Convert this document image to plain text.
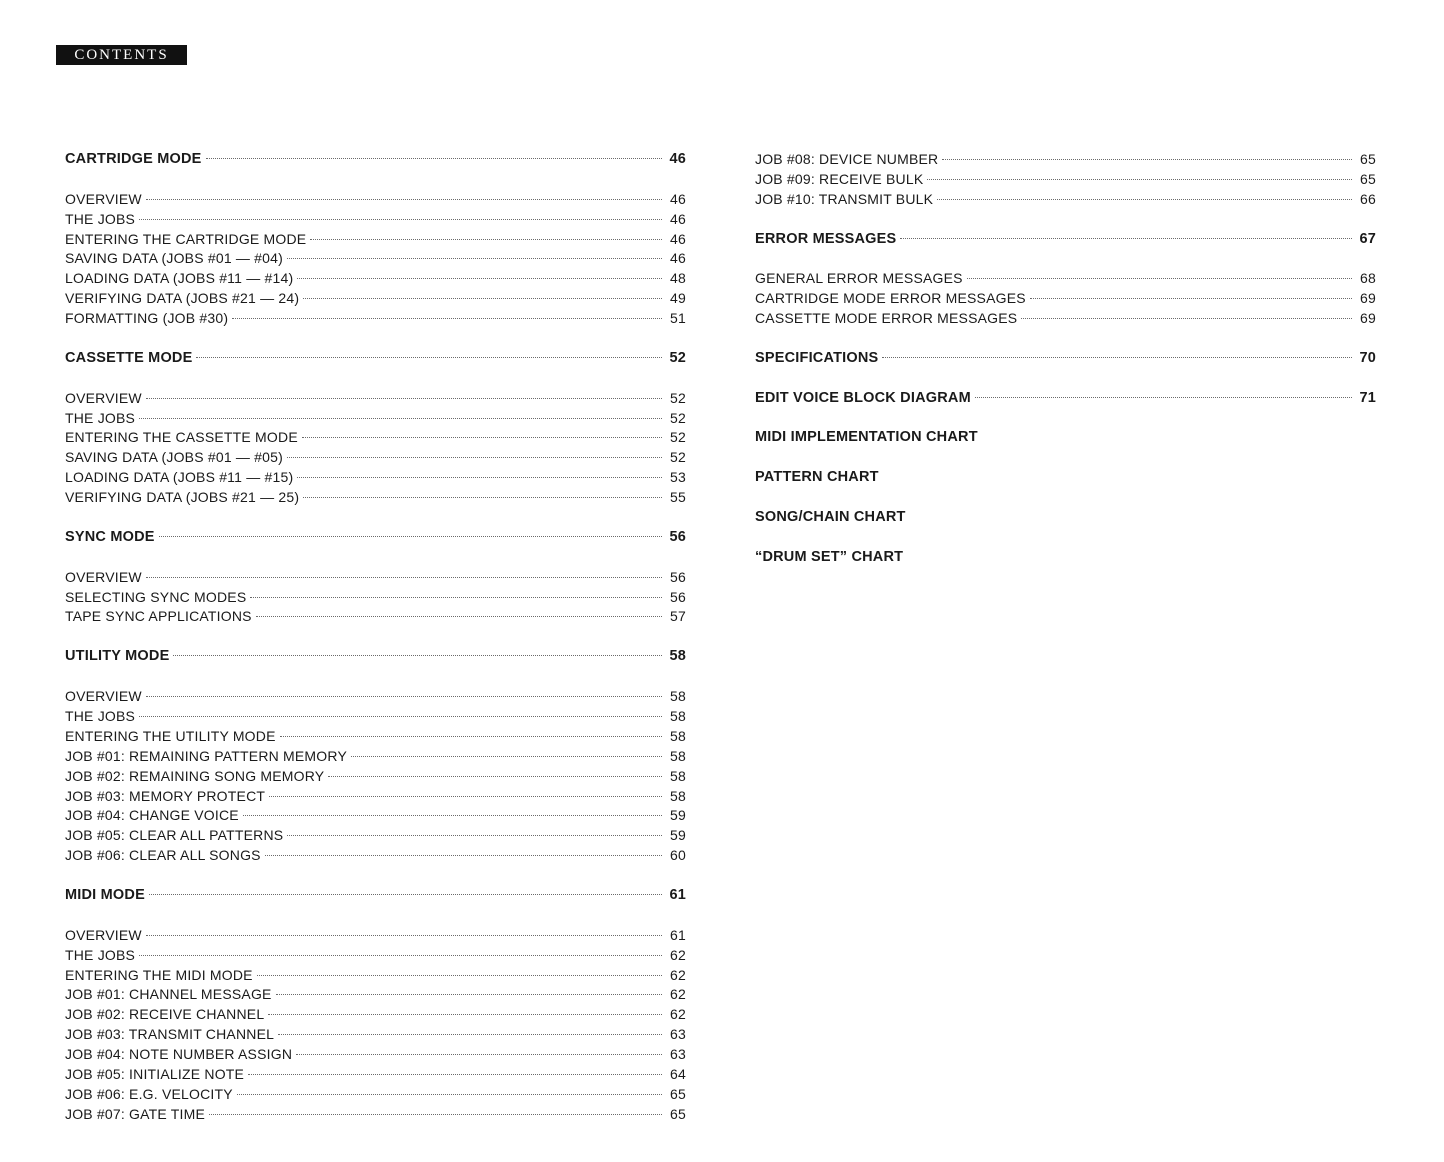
CONTENTS
CARTRIDGE MODE	46
OVERVIEW	46
THE JOBS	46
ENTERING THE CARTRIDGE MODE	46
SAVING DATA (JOBS #01 — #04)	46
LOADING DATA (JOBS #11 — #14)	48
VERIFYING DATA (JOBS #21 — 24)	49
FORMATTING (JOB #30)	51
CASSETTE MODE	52
OVERVIEW	52
THE JOBS	52
ENTERING THE CASSETTE MODE	52
SAVING DATA (JOBS #01 — #05)	52
LOADING DATA (JOBS #11 — #15)	53
VERIFYING DATA (JOBS #21 — 25)	55
SYNC MODE	56
OVERVIEW	56
SELECTING SYNC MODES	56
TAPE SYNC APPLICATIONS	57
UTILITY MODE	58
OVERVIEW	58
THE JOBS	58
ENTERING THE UTILITY MODE	58
JOB #01: REMAINING PATTERN MEMORY	58
JOB #02: REMAINING SONG MEMORY	58
JOB #03: MEMORY PROTECT	58
JOB #04: CHANGE VOICE	59
JOB #05: CLEAR ALL PATTERNS	59
JOB #06: CLEAR ALL SONGS	60
MIDI MODE	61
OVERVIEW	61
THE JOBS	62
ENTERING THE MIDI MODE	62
JOB #01: CHANNEL MESSAGE	62
JOB #02: RECEIVE CHANNEL	62
JOB #03: TRANSMIT CHANNEL	63
JOB #04: NOTE NUMBER ASSIGN	63
JOB #05: INITIALIZE NOTE	64
JOB #06: E.G. VELOCITY	65
JOB #07: GATE TIME	65
JOB #08: DEVICE NUMBER	65
JOB #09: RECEIVE BULK	65
JOB #10: TRANSMIT BULK	66
ERROR MESSAGES	67
GENERAL ERROR MESSAGES	68
CARTRIDGE MODE ERROR MESSAGES	69
CASSETTE MODE ERROR MESSAGES	69
SPECIFICATIONS	70
EDIT VOICE BLOCK DIAGRAM	71
MIDI IMPLEMENTATION CHART
PATTERN CHART
SONG/CHAIN CHART
“DRUM SET” CHART
